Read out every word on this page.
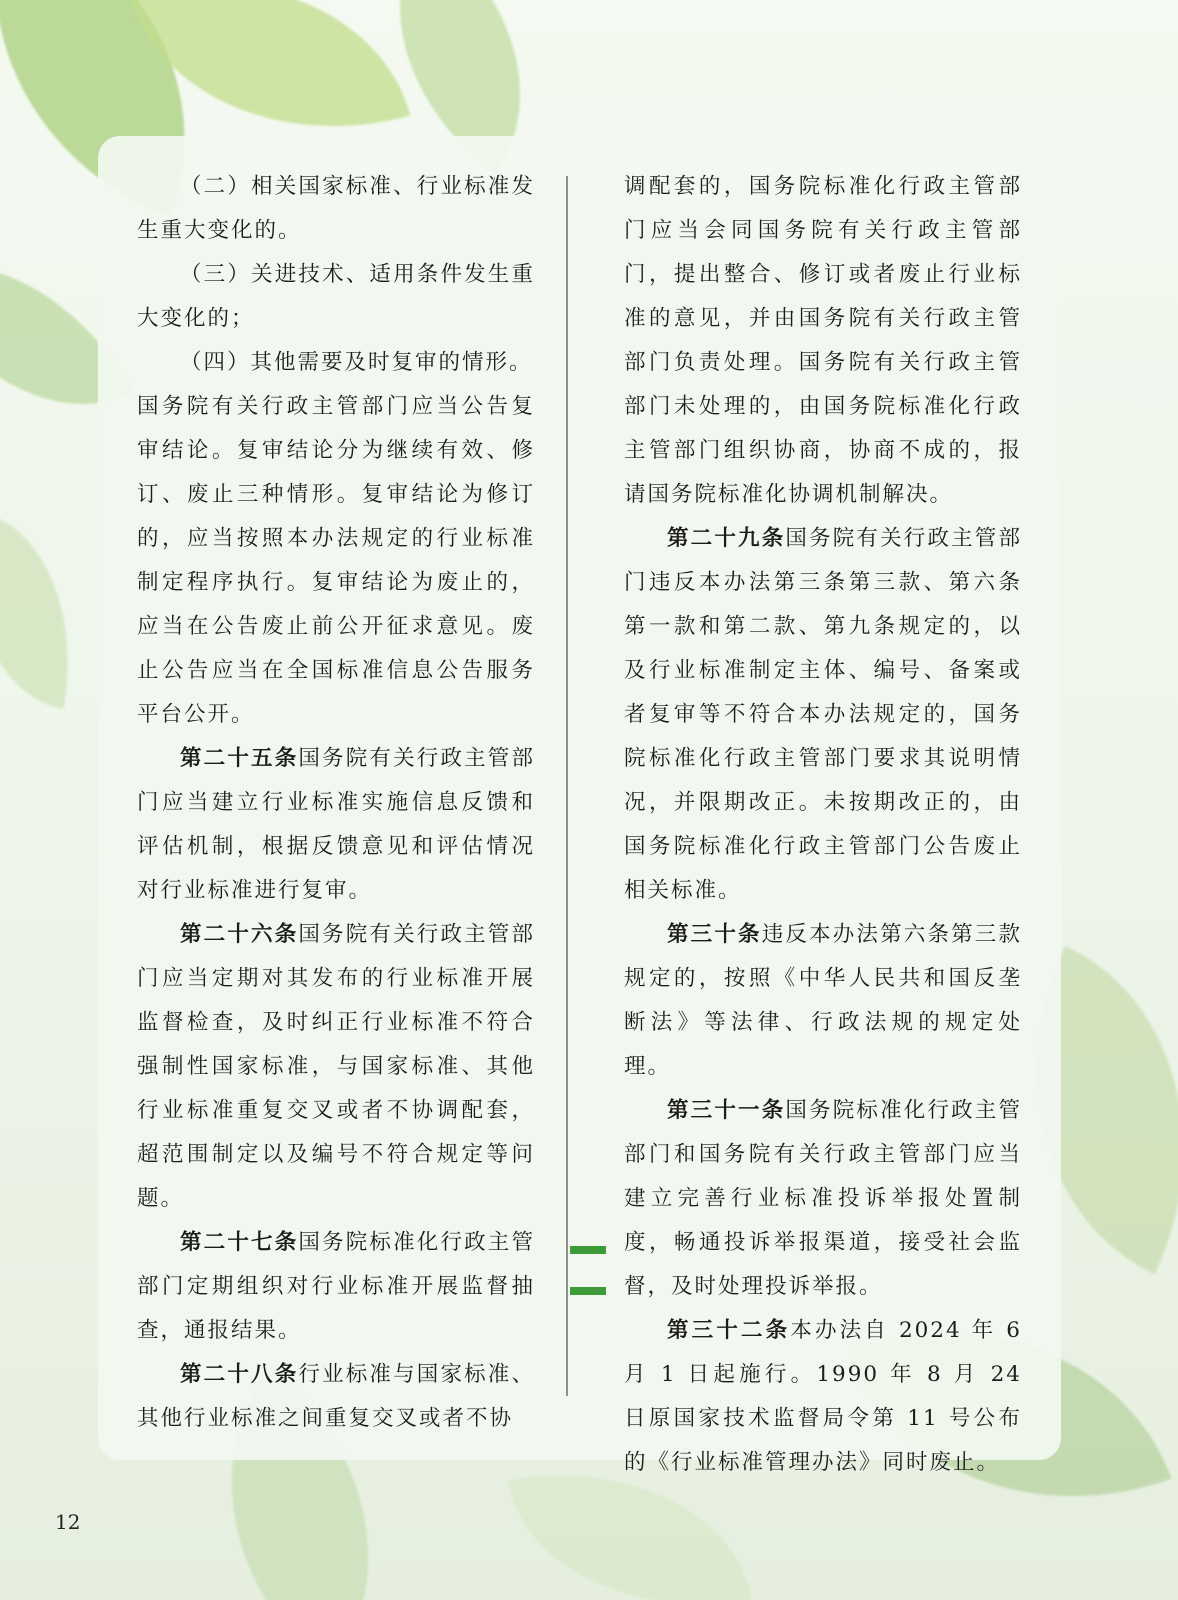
（二）相关国家标准、行业标准发生重大变化的。

（三）关进技术、适用条件发生重大变化的；

（四）其他需要及时复审的情形。

国务院有关行政主管部门应当公告复审结论。复审结论分为继续有效、修订、废止三种情形。复审结论为修订的，应当按照本办法规定的行业标准制定程序执行。复审结论为废止的，应当在公告废止前公开征求意见。废止公告应当在全国标准信息公告服务平台公开。

第二十五条国务院有关行政主管部门应当建立行业标准实施信息反馈和评估机制，根据反馈意见和评估情况对行业标准进行复审。

第二十六条国务院有关行政主管部门应当定期对其发布的行业标准开展监督检查，及时纠正行业标准不符合强制性国家标准，与国家标准、其他行业标准重复交叉或者不协调配套，超范围制定以及编号不符合规定等问题。

第二十七条国务院标准化行政主管部门定期组织对行业标准开展监督抽查，通报结果。

第二十八条行业标准与国家标准、其他行业标准之间重复交叉或者不协

调配套的，国务院标准化行政主管部门应当会同国务院有关行政主管部门，提出整合、修订或者废止行业标准的意见，并由国务院有关行政主管部门负责处理。国务院有关行政主管部门未处理的，由国务院标准化行政主管部门组织协商，协商不成的，报请国务院标准化协调机制解决。

第二十九条国务院有关行政主管部门违反本办法第三条第三款、第六条第一款和第二款、第九条规定的，以及行业标准制定主体、编号、备案或者复审等不符合本办法规定的，国务院标准化行政主管部门要求其说明情况，并限期改正。未按期改正的，由国务院标准化行政主管部门公告废止相关标准。

第三十条违反本办法第六条第三款规定的，按照《中华人民共和国反垄断法》等法律、行政法规的规定处理。

第三十一条国务院标准化行政主管部门和国务院有关行政主管部门应当建立完善行业标准投诉举报处置制度，畅通投诉举报渠道，接受社会监督，及时处理投诉举报。

第三十二条本办法自 2024 年 6 月 1 日起施行。1990 年 8 月 24 日原国家技术监督局令第 11 号公布的《行业标准管理办法》同时废止。

12
